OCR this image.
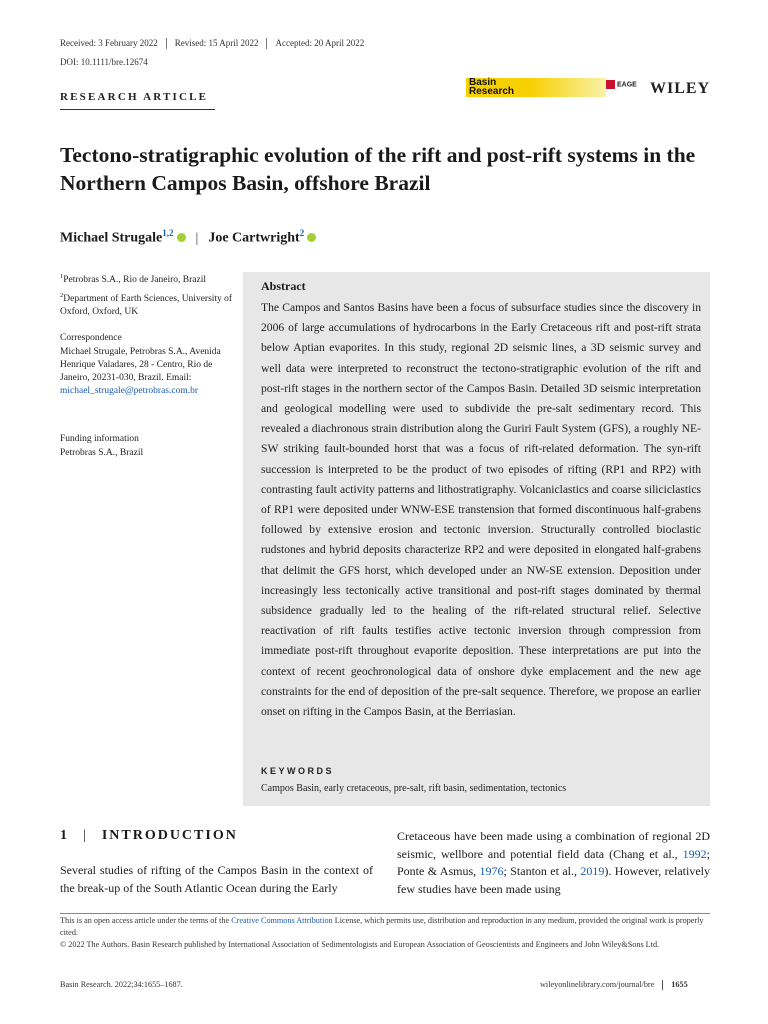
Received: 3 February 2022 Revised: 15 April 2022 Accepted: 20 April 2022
DOI: 10.1111/bre.12674
RESEARCH ARTICLE
Basin
Research
EAGE WILEY
Tectono-stratigraphic evolution of the rift and post-rift systems in the Northern Campos Basin, offshore Brazil
Michael Strugale$^{1,2}$ | Joe Cartwright$^2$
$^1$Petrobras S.A., Rio de Janeiro, Brazil
$^2$Department of Earth Sciences, University of Oxford, Oxford, UK
Correspondence
Michael Strugale, Petrobras S.A., Avenida Henrique Valadares, 28 - Centro, Rio de Janeiro, 20231-030, Brazil. Email: michael_strugale@petrobras.com.br
Funding information
Petrobras S.A., Brazil
Abstract
The Campos and Santos Basins have been a focus of subsurface studies since the discovery in 2006 of large accumulations of hydrocarbons in the Early Cretaceous rift and post-rift strata below Aptian evaporites. In this study, regional 2D seismic lines, a 3D seismic survey and well data were interpreted to reconstruct the tectono-stratigraphic evolution of the rift and post-rift stages in the northern sector of the Campos Basin. Detailed 3D seismic interpretation and geological modelling were used to subdivide the pre-salt sedimentary record. This revealed a diachronous strain distribution along the Guriri Fault System (GFS), a roughly NE-SW striking fault-bounded horst that was a focus of rift-related deformation. The syn-rift succession is interpreted to be the product of two episodes of rifting (RP1 and RP2) with contrasting fault activity patterns and lithostratigraphy. Volcaniclastics and coarse siliciclastics of RP1 were deposited under WNW-ESE transtension that formed discontinuous half-grabens followed by extensive erosion and tectonic inversion. Structurally controlled bioclastic rudstones and hybrid deposits characterize RP2 and were deposited in elongated half-grabens that delimit the GFS horst, which developed under an NW-SE extension. Deposition under increasingly less tectonically active transitional and post-rift stages dominated by thermal subsidence gradually led to the healing of the rift-related structural relief. Selective reactivation of rift faults testifies active tectonic inversion through compression from immediate post-rift throughout evaporite deposition. These interpretations are put into the context of recent geochronological data of onshore dyke emplacement and the new age constraints for the end of deposition of the pre-salt sequence. Therefore, we propose an earlier onset on rifting in the Campos Basin, at the Berriasian.
KEYWORDS
Campos Basin, early cretaceous, pre-salt, rift basin, sedimentation, tectonics
1 | INTRODUCTION
Several studies of rifting of the Campos Basin in the context of the break-up of the South Atlantic Ocean during the Early
Cretaceous have been made using a combination of regional 2D seismic, wellbore and potential field data (Chang et al., 1992; Ponte & Asmus, 1976; Stanton et al., 2019). However, relatively few studies have been made using
This is an open access article under the terms of the Creative Commons Attribution License, which permits use, distribution and reproduction in any medium, provided the original work is properly cited.
© 2022 The Authors. Basin Research published by International Association of Sedimentologists and European Association of Geoscientists and Engineers and John Wiley&Sons Ltd.
Basin Research. 2022;34:1655–1687.	wileyonlinelibrary.com/journal/bre 1655
